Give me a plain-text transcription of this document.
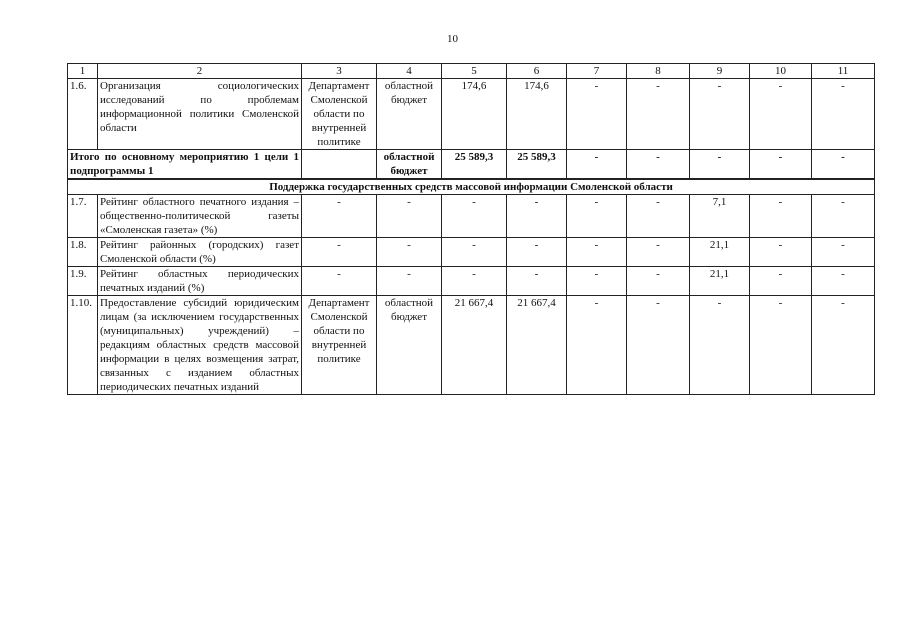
10
1	2	3	4	5	6	7	8	9	10	11
1.6.	Организация социологических исследований по проблемам информационной политики Смоленской области	Департамент Смоленской области по внутренней политике	областной бюджет	174,6	174,6	-	-	-	-	-
Итого по основному мероприятию 1 цели 1 подпрограммы 1			областной бюджет	25 589,3	25 589,3	-	-	-	-	-
Поддержка государственных средств массовой информации Смоленской области										
1.7.	Рейтинг областного печатного издания – общественно-политической газеты «Смоленская газета» (%)	-	-	-	-	-	-	7,1	-	-
1.8.	Рейтинг районных (городских) газет Смоленской области (%)	-	-	-	-	-	-	21,1	-	-
1.9.	Рейтинг областных периодических печатных изданий (%)	-	-	-	-	-	-	21,1	-	-
1.10.	Предоставление субсидий юридическим лицам (за исключением государственных (муниципальных) учреждений) – редакциям областных средств массовой информации в целях возмещения затрат, связанных с изданием областных периодических печатных изданий	Департамент Смоленской области по внутренней политике	областной бюджет	21 667,4	21 667,4	-	-	-	-	-
